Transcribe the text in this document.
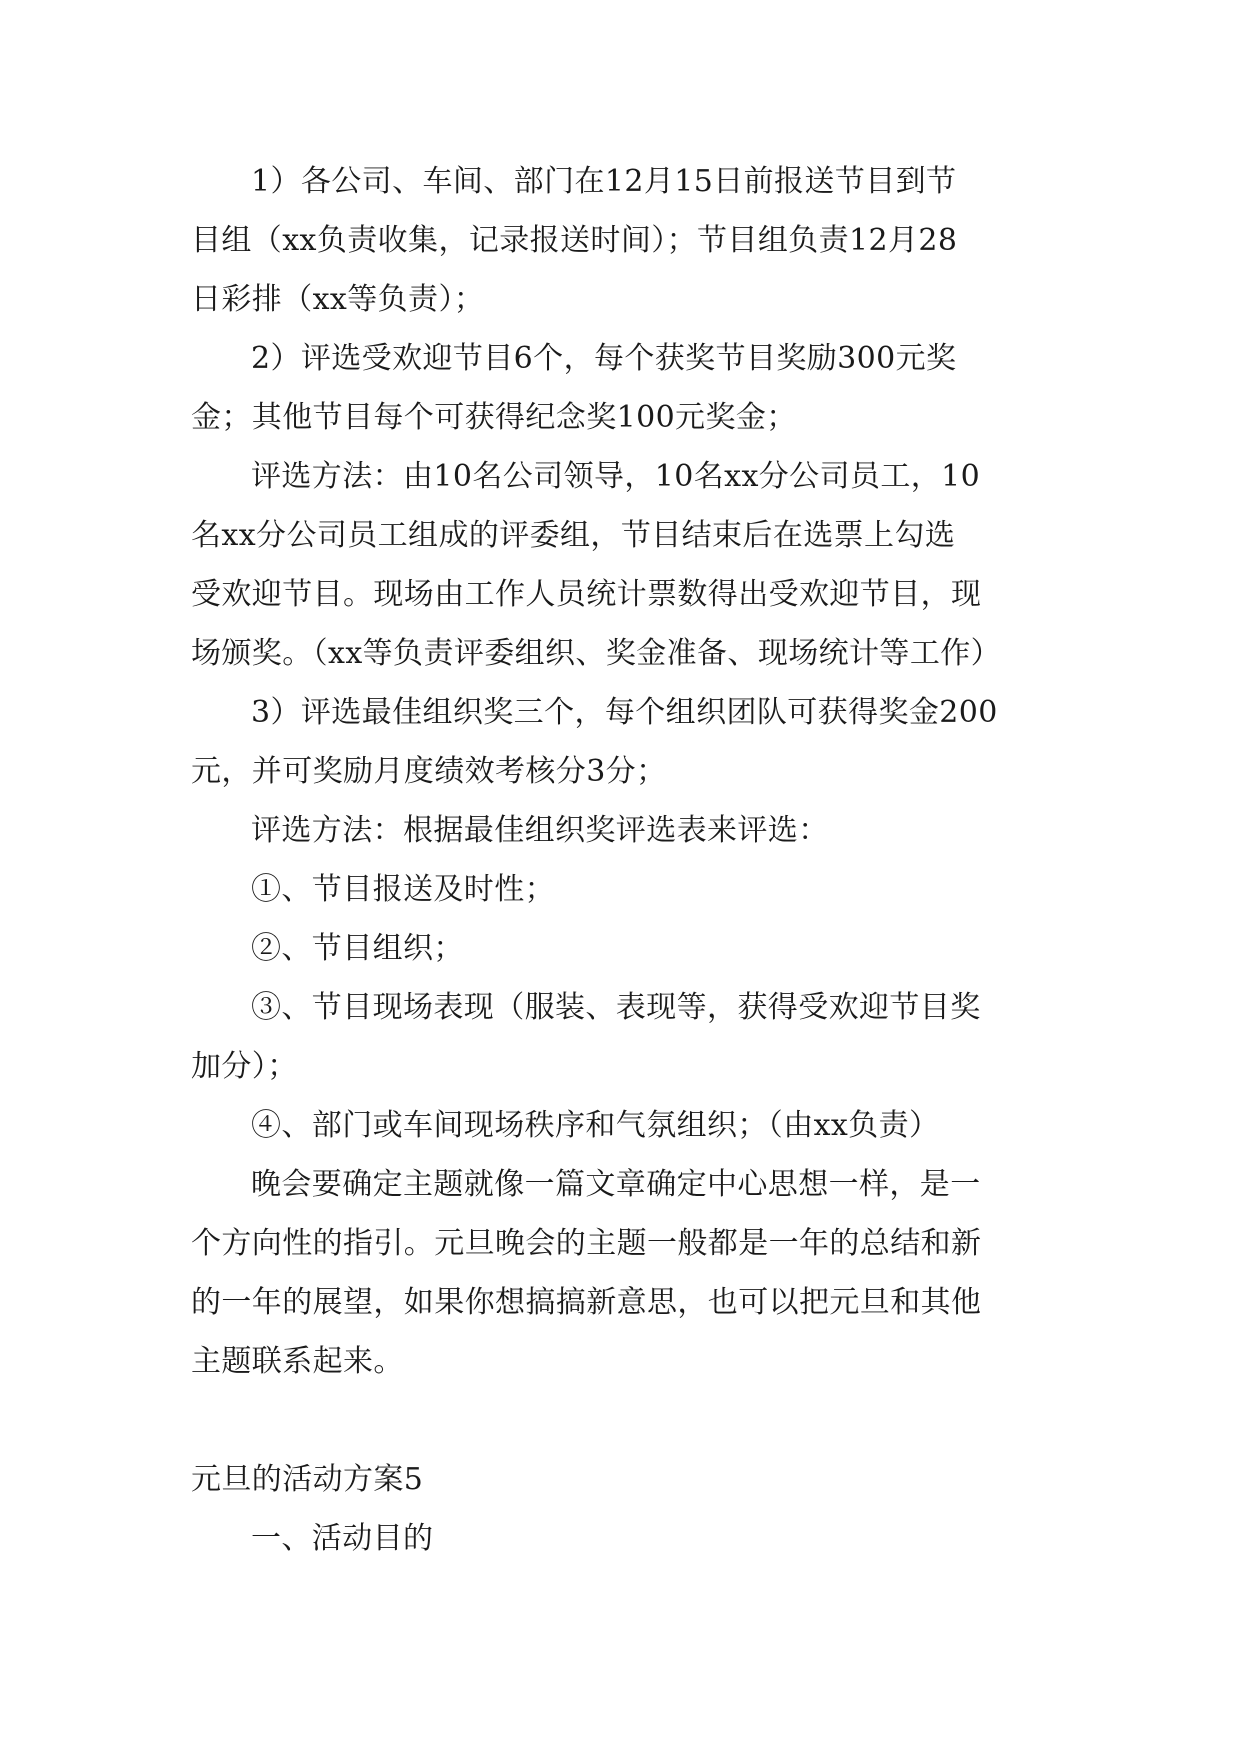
1）各公司、车间、部门在12月15日前报送节目到节
目组（xx负责收集，记录报送时间）；节目组负责12月28
日彩排（xx等负责）；

2）评选受欢迎节目6个，每个获奖节目奖励300元奖
金；其他节目每个可获得纪念奖100元奖金；

评选方法：由10名公司领导，10名xx分公司员工，10
名xx分公司员工组成的评委组，节目结束后在选票上勾选
受欢迎节目。现场由工作人员统计票数得出受欢迎节目，现
场颁奖。（xx等负责评委组织、奖金准备、现场统计等工作）

3）评选最佳组织奖三个，每个组织团队可获得奖金200
元，并可奖励月度绩效考核分3分；

评选方法：根据最佳组织奖评选表来评选：

①、节目报送及时性；

②、节目组织；

③、节目现场表现（服装、表现等，获得受欢迎节目奖
加分）；

④、部门或车间现场秩序和气氛组织；（由xx负责）

晚会要确定主题就像一篇文章确定中心思想一样，是一
个方向性的指引。元旦晚会的主题一般都是一年的总结和新
的一年的展望，如果你想搞搞新意思，也可以把元旦和其他
主题联系起来。

元旦的活动方案5

一、活动目的
